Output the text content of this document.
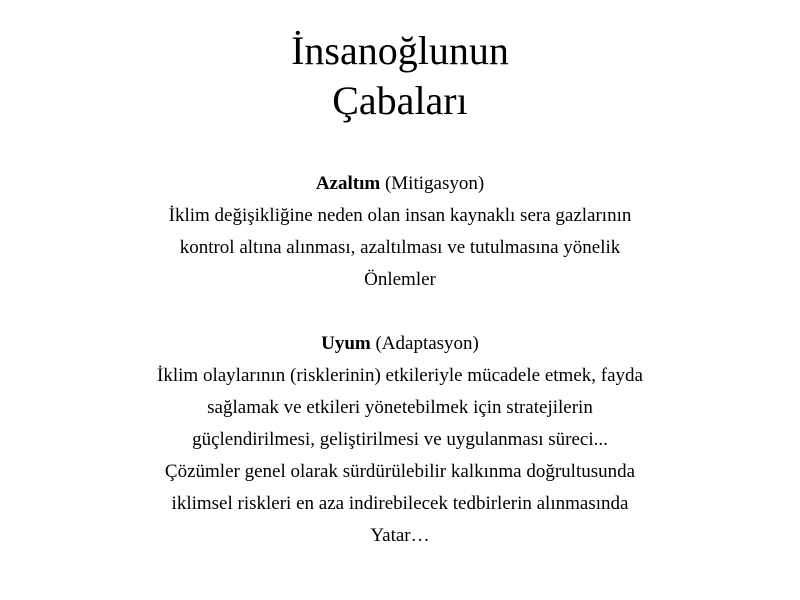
İnsanoğlunun
Çabaları
Azaltım (Mitigasyon)
İklim değişikliğine neden olan insan kaynaklı sera gazlarının
kontrol altına alınması, azaltılması ve tutulmasına yönelik
Önlemler
Uyum (Adaptasyon)
İklim olaylarının (risklerinin) etkileriyle mücadele etmek, fayda
sağlamak ve etkileri yönetebilmek için stratejilerin
güçlendirilmesi, geliştirilmesi ve uygulanması süreci...
Çözümler genel olarak sürdürülebilir kalkınma doğrultusunda
iklimsel riskleri en aza indirebilecek tedbirlerin alınmasında
Yatar…
